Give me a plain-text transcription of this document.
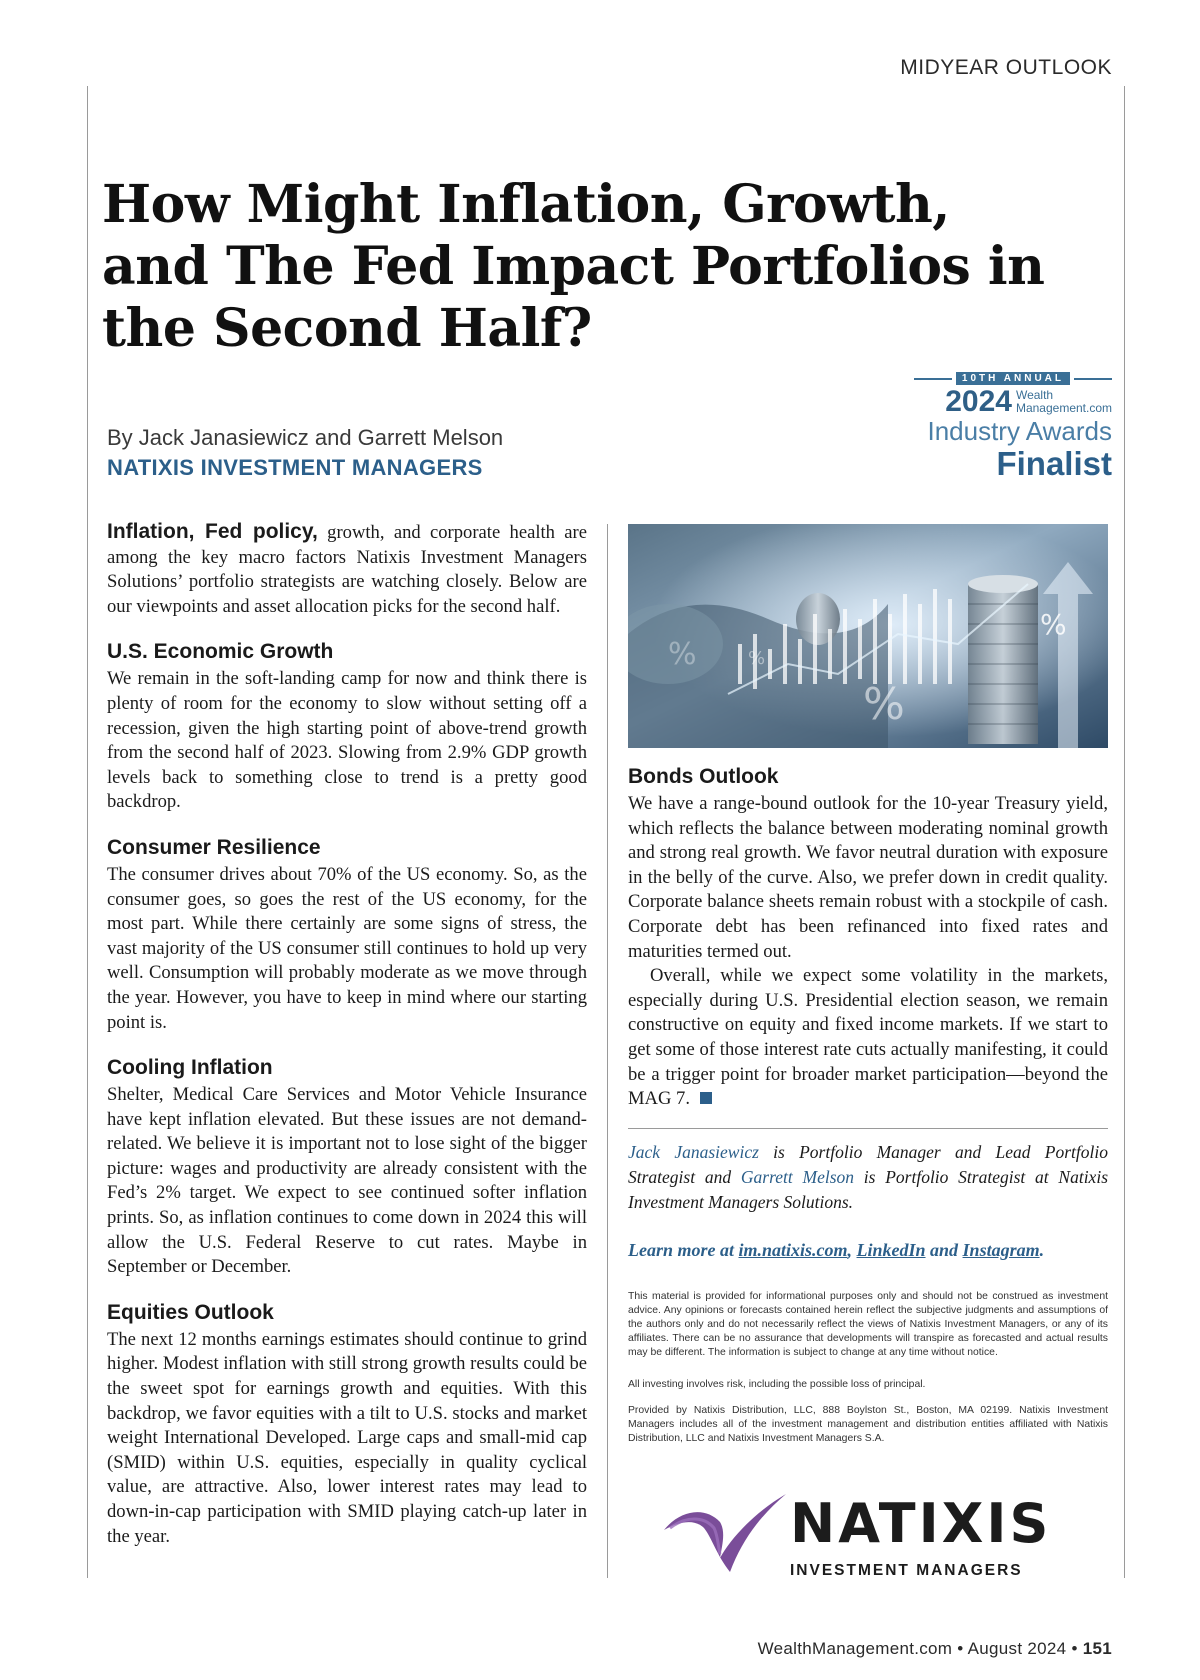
MIDYEAR OUTLOOK
How Might Inflation, Growth, and The Fed Impact Portfolios in the Second Half?
By Jack Janasiewicz and Garrett Melson
NATIXIS INVESTMENT MANAGERS
10TH ANNUAL
2024 Wealth
Management.com
Industry Awards
Finalist

Inflation, Fed policy, growth, and corporate health are among the key macro factors Natixis Investment Managers Solutions’ portfolio strategists are watching closely. Below are our viewpoints and asset allocation picks for the second half.

U.S. Economic Growth

We remain in the soft-landing camp for now and think there is plenty of room for the economy to slow without setting off a recession, given the high starting point of above-trend growth from the second half of 2023. Slowing from 2.9% GDP growth levels back to something close to trend is a pretty good backdrop.

Consumer Resilience

The consumer drives about 70% of the US economy. So, as the consumer goes, so goes the rest of the US economy, for the most part. While there certainly are some signs of stress, the vast majority of the US consumer still continues to hold up very well. Consumption will probably moderate as we move through the year. However, you have to keep in mind where our starting point is.

Cooling Inflation

Shelter, Medical Care Services and Motor Vehicle Insurance have kept inflation elevated. But these issues are not demand-related. We believe it is important not to lose sight of the bigger picture: wages and productivity are already consistent with the Fed’s 2% target. We expect to see continued softer inflation prints. So, as inflation continues to come down in 2024 this will allow the U.S. Federal Reserve to cut rates. Maybe in September or December.

Equities Outlook

The next 12 months earnings estimates should continue to grind higher. Modest inflation with still strong growth results could be the sweet spot for earnings growth and equities. With this backdrop, we favor equities with a tilt to U.S. stocks and market weight International Developed. Large caps and small-mid cap (SMID) within U.S. equities, especially in quality cyclical value, are attractive. Also, lower interest rates may lead to down-in-cap participation with SMID playing catch-up later in the year.

%
%
%	%
Bonds Outlook

We have a range-bound outlook for the 10-year Treasury yield, which reflects the balance between moderating nominal growth and strong real growth. We favor neutral duration with exposure in the belly of the curve. Also, we prefer down in credit quality. Corporate balance sheets remain robust with a stockpile of cash. Corporate debt has been refinanced into fixed rates and maturities termed out.

Overall, while we expect some volatility in the markets, especially during U.S. Presidential election season, we remain constructive on equity and fixed income markets. If we start to get some of those interest rate cuts actually manifesting, it could be a trigger point for broader market participation—beyond the MAG 7.

Jack Janasiewicz is Portfolio Manager and Lead Portfolio Strategist and Garrett Melson is Portfolio Strategist at Natixis Investment Managers Solutions.

Learn more at im.natixis.com, LinkedIn and Instagram.

This material is provided for informational purposes only and should not be construed as investment advice. Any opinions or forecasts contained herein reflect the subjective judgments and assumptions of the authors only and do not necessarily reflect the views of Natixis Investment Managers, or any of its affiliates. There can be no assurance that developments will transpire as forecasted and actual results may be different. The information is subject to change at any time without notice.

All investing involves risk, including the possible loss of principal.

Provided by Natixis Distribution, LLC, 888 Boylston St., Boston, MA 02199. Natixis Investment Managers includes all of the investment management and distribution entities affiliated with Natixis Distribution, LLC and Natixis Investment Managers S.A.

NATIXIS
INVESTMENT MANAGERS
WealthManagement.com • August 2024 • 151
